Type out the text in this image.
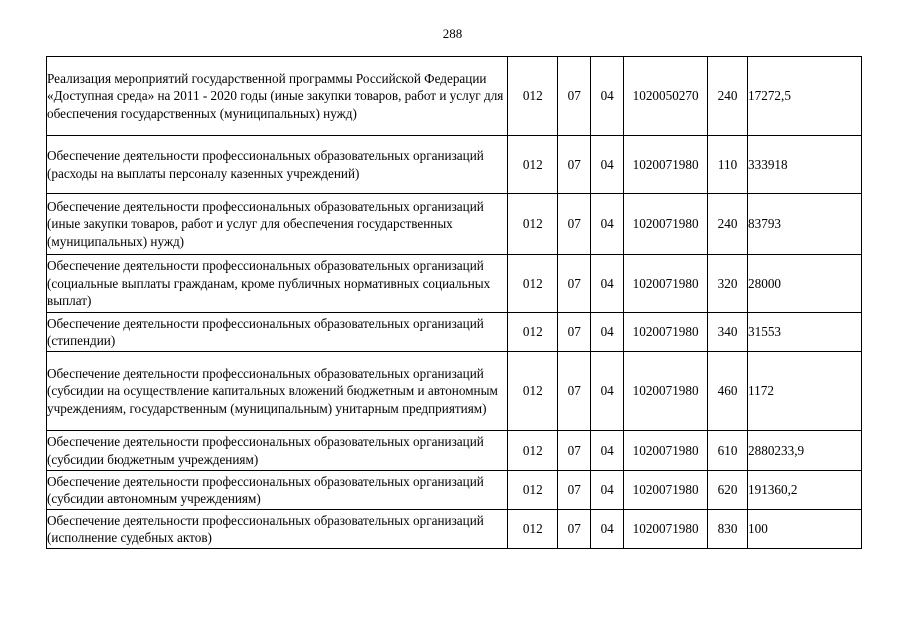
288
Реализация мероприятий государственной программы Российской Федерации «Доступная среда» на 2011 - 2020 годы (иные закупки товаров, работ и услуг для обеспечения государственных (муниципальных) нужд)	012	07	04	1020050270	240	17272,5
Обеспечение деятельности профессиональных образовательных организаций (расходы на выплаты персоналу казенных учреждений)	012	07	04	1020071980	110	333918
Обеспечение деятельности профессиональных образовательных организаций (иные закупки товаров, работ и услуг для обеспечения государственных (муниципальных) нужд)	012	07	04	1020071980	240	83793
Обеспечение деятельности профессиональных образовательных организаций (социальные выплаты гражданам, кроме публичных нормативных социальных выплат)	012	07	04	1020071980	320	28000
Обеспечение деятельности профессиональных образовательных организаций (стипендии)	012	07	04	1020071980	340	31553
Обеспечение деятельности профессиональных образовательных организаций (субсидии на осуществление капитальных вложений бюджетным и автономным учреждениям, государственным (муниципальным) унитарным предприятиям)	012	07	04	1020071980	460	1172
Обеспечение деятельности профессиональных образовательных организаций (субсидии бюджетным учреждениям)	012	07	04	1020071980	610	2880233,9
Обеспечение деятельности профессиональных образовательных организаций (субсидии автономным учреждениям)	012	07	04	1020071980	620	191360,2
Обеспечение деятельности профессиональных образовательных организаций (исполнение судебных актов)	012	07	04	1020071980	830	100
